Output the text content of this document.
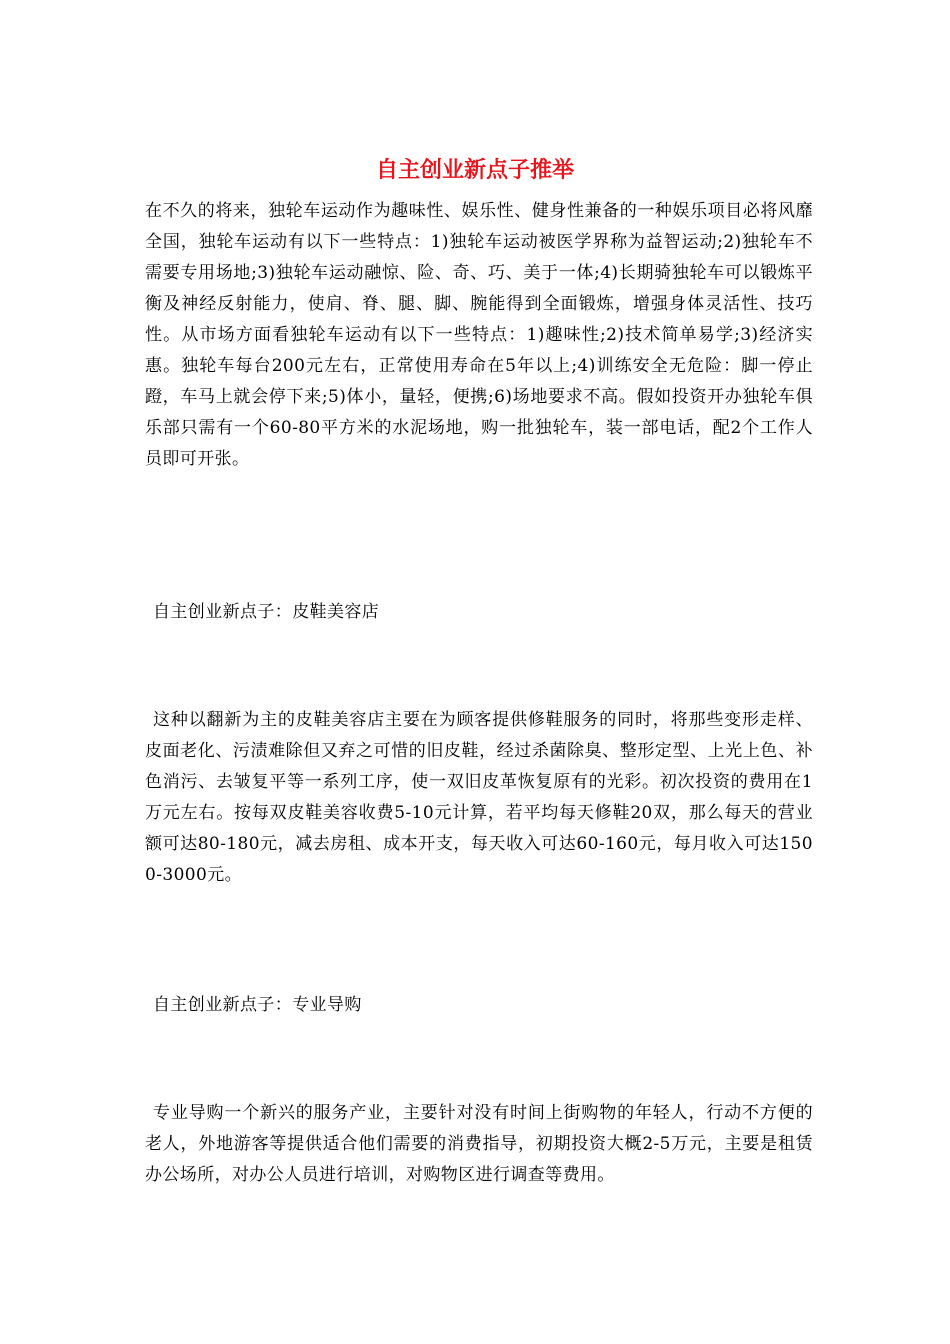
自主创业新点子推举

在不久的将来，独轮车运动作为趣味性、娱乐性、健身性兼备的一种娱乐项目必将风靡全国，独轮车运动有以下一些特点：1)独轮车运动被医学界称为益智运动;2)独轮车不需要专用场地;3)独轮车运动融惊、险、奇、巧、美于一体;4)长期骑独轮车可以锻炼平衡及神经反射能力，使肩、脊、腿、脚、腕能得到全面锻炼，增强身体灵活性、技巧性。从市场方面看独轮车运动有以下一些特点：1)趣味性;2)技术简单易学;3)经济实惠。独轮车每台200元左右，正常使用寿命在5年以上;4)训练安全无危险：脚一停止蹬，车马上就会停下来;5)体小，量轻，便携;6)场地要求不高。假如投资开办独轮车俱乐部只需有一个60-80平方米的水泥场地，购一批独轮车，装一部电话，配2个工作人员即可开张。

自主创业新点子：皮鞋美容店

这种以翻新为主的皮鞋美容店主要在为顾客提供修鞋服务的同时，将那些变形走样、皮面老化、污渍难除但又弃之可惜的旧皮鞋，经过杀菌除臭、整形定型、上光上色、补色消污、去皱复平等一系列工序，使一双旧皮革恢复原有的光彩。初次投资的费用在1万元左右。按每双皮鞋美容收费5-10元计算，若平均每天修鞋20双，那么每天的营业额可达80-180元，减去房租、成本开支，每天收入可达60-160元，每月收入可达1500-3000元。

自主创业新点子：专业导购

专业导购一个新兴的服务产业，主要针对没有时间上街购物的年轻人，行动不方便的老人，外地游客等提供适合他们需要的消费指导，初期投资大概2-5万元，主要是租赁办公场所，对办公人员进行培训，对购物区进行调查等费用。
